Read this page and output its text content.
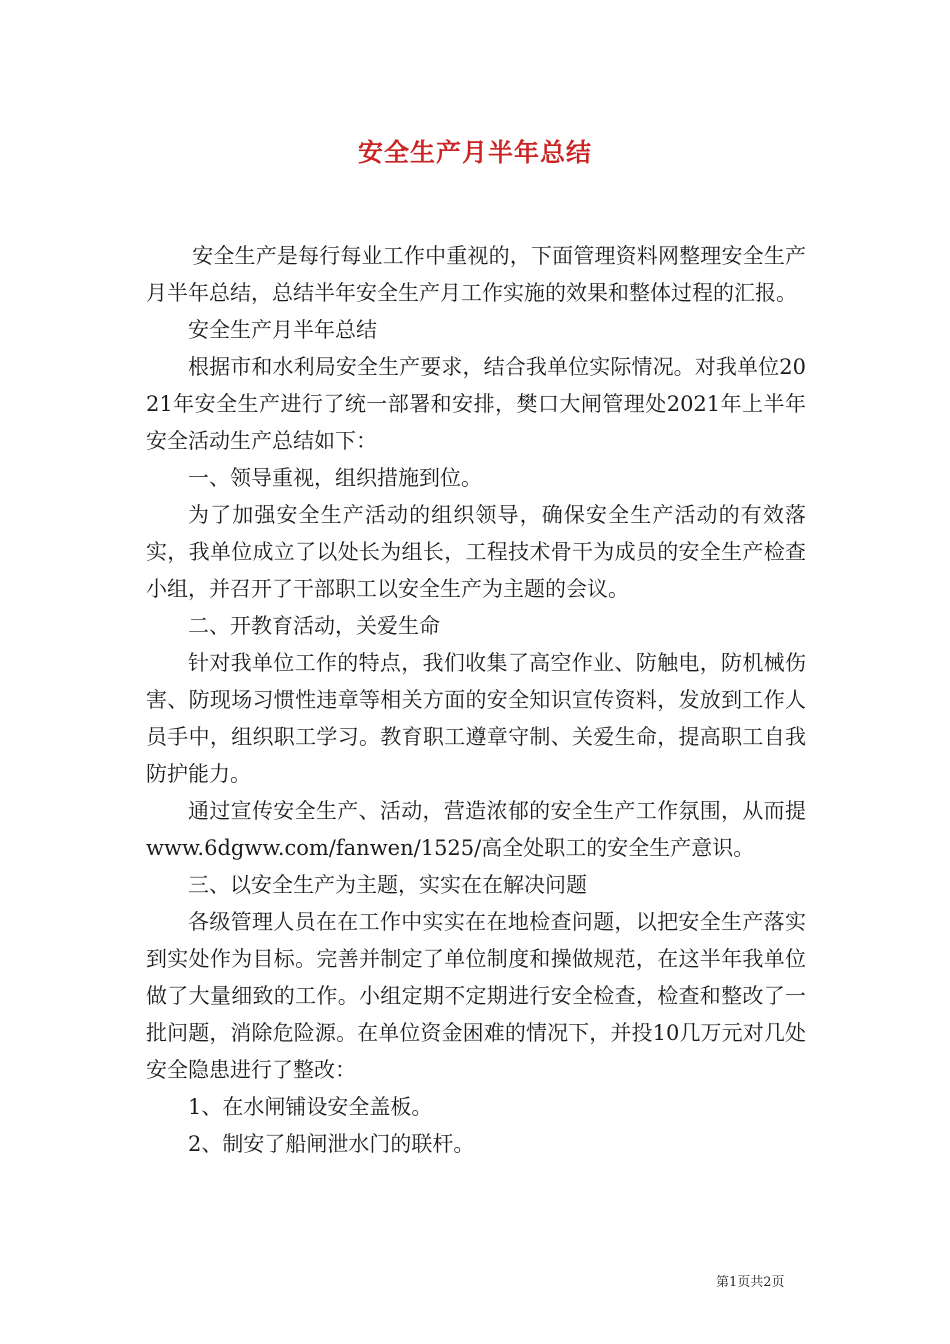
安全生产月半年总结

安全生产是每行每业工作中重视的，下面管理资料网整理安全生产月半年总结，总结半年安全生产月工作实施的效果和整体过程的汇报。

安全生产月半年总结

根据市和水利局安全生产要求，结合我单位实际情况。对我单位2021年安全生产进行了统一部署和安排，樊口大闸管理处2021年上半年安全活动生产总结如下：

一、领导重视，组织措施到位。

为了加强安全生产活动的组织领导，确保安全生产活动的有效落实，我单位成立了以处长为组长，工程技术骨干为成员的安全生产检查小组，并召开了干部职工以安全生产为主题的会议。

二、开教育活动，关爱生命

针对我单位工作的特点，我们收集了高空作业、防触电，防机械伤害、防现场习惯性违章等相关方面的安全知识宣传资料，发放到工作人员手中，组织职工学习。教育职工遵章守制、关爱生命，提高职工自我防护能力。

通过宣传安全生产、活动，营造浓郁的安全生产工作氛围，从而提www.6dgww.com/fanwen/1525/高全处职工的安全生产意识。

三、以安全生产为主题，实实在在解决问题

各级管理人员在在工作中实实在在地检查问题，以把安全生产落实到实处作为目标。完善并制定了单位制度和操做规范，在这半年我单位做了大量细致的工作。小组定期不定期进行安全检查，检查和整改了一批问题，消除危险源。在单位资金困难的情况下，并投10几万元对几处安全隐患进行了整改：

1、在水闸铺设安全盖板。

2、制安了船闸泄水门的联杆。

第1页共2页
